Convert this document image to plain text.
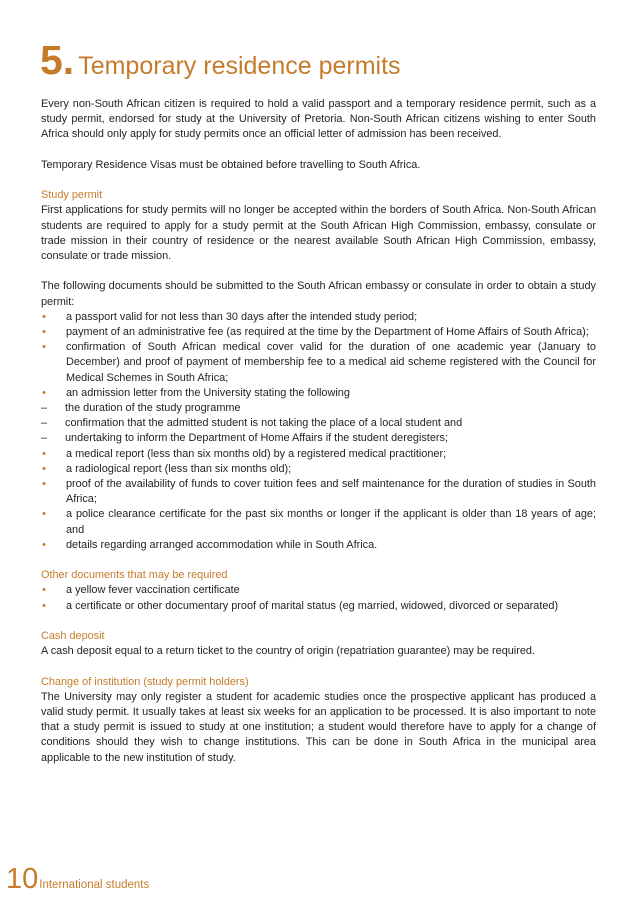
5. Temporary residence permits

Every non-South African citizen is required to hold a valid passport and a temporary residence permit, such as a study permit, endorsed for study at the University of Pretoria. Non-South African citizens wishing to enter South Africa should only apply for study permits once an official letter of admission has been received.

Temporary Residence Visas must be obtained before travelling to South Africa.

Study permit

First applications for study permits will no longer be accepted within the borders of South Africa. Non-South African students are required to apply for a study permit at the South African High Commission, embassy, consulate or trade mission in their country of residence or the nearest available South African High Commission, embassy, consulate or trade mission.

The following documents should be submitted to the South African embassy or consulate in order to obtain a study permit:

• a passport valid for not less than 30 days after the intended study period;
• payment of an administrative fee (as required at the time by the Department of Home Affairs of South Africa);
• confirmation of South African medical cover valid for the duration of one academic year (January to December) and proof of payment of membership fee to a medical aid scheme registered with the Council for Medical Schemes in South Africa;
• an admission letter from the University stating the following
– the duration of the study programme
– confirmation that the admitted student is not taking the place of a local student and
– undertaking to inform the Department of Home Affairs if the student deregisters;
• a medical report (less than six months old) by a registered medical practitioner;
• a radiological report (less than six months old);
• proof of the availability of funds to cover tuition fees and self maintenance for the duration of studies in South Africa;
• a police clearance certificate for the past six months or longer if the applicant is older than 18 years of age; and
• details regarding arranged accommodation while in South Africa.

Other documents that may be required

• a yellow fever vaccination certificate
• a certificate or other documentary proof of marital status (eg married, widowed, divorced or separated)

Cash deposit

A cash deposit equal to a return ticket to the country of origin (repatriation guarantee) may be required.

Change of institution (study permit holders)

The University may only register a student for academic studies once the prospective applicant has produced a valid study permit. It usually takes at least six weeks for an application to be processed. It is also important to note that a study permit is issued to study at one institution; a student would therefore have to apply for a change of conditions should they wish to change institutions. This can be done in South Africa in the municipal area applicable to the new institution of study.

10International students
